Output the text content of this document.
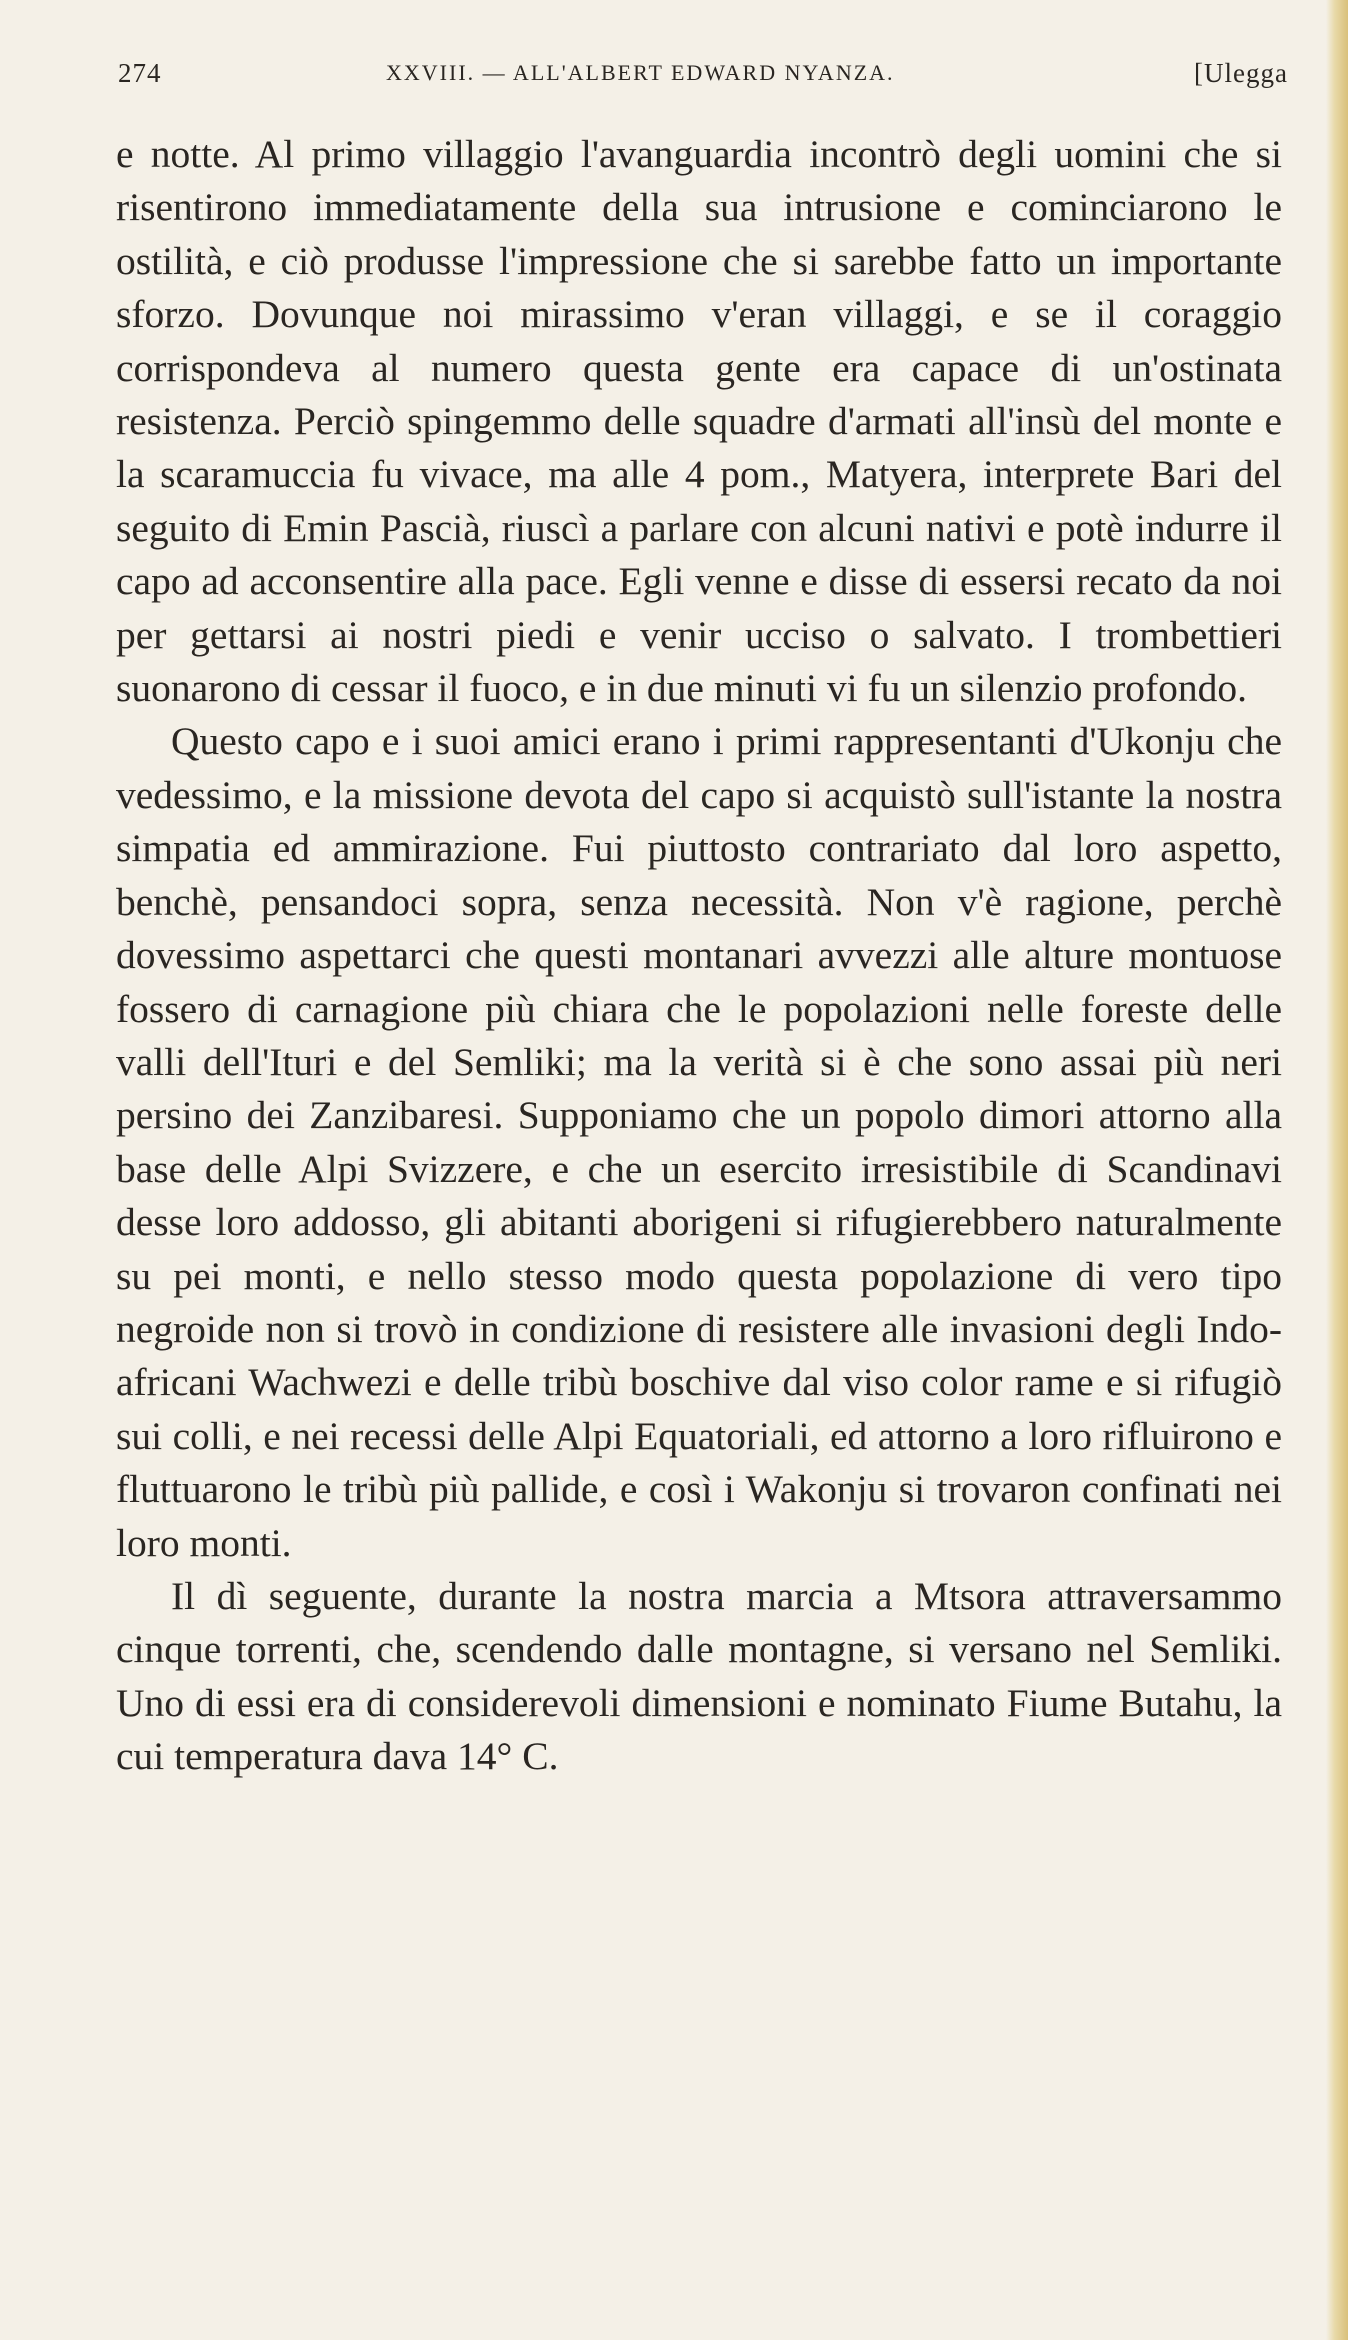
274	XXVIII. — ALL'ALBERT EDWARD NYANZA.	[Ulegga

e notte. Al primo villaggio l'avanguardia incontrò degli uomini che si risentirono immediatamente della sua intrusione e cominciarono le ostilità, e ciò produsse l'impressione che si sarebbe fatto un importante sforzo. Dovunque noi mirassimo v'eran villaggi, e se il coraggio corrispondeva al numero questa gente era capace di un'ostinata resistenza. Perciò spingemmo delle squadre d'armati all'insù del monte e la scaramuccia fu vivace, ma alle 4 pom., Matyera, interprete Bari del seguito di Emin Pascià, riuscì a parlare con alcuni nativi e potè indurre il capo ad acconsentire alla pace. Egli venne e disse di essersi recato da noi per gettarsi ai nostri piedi e venir ucciso o salvato. I trombettieri suonarono di cessar il fuoco, e in due minuti vi fu un silenzio profondo.

Questo capo e i suoi amici erano i primi rappresentanti d'Ukonju che vedessimo, e la missione devota del capo si acquistò sull'istante la nostra simpatia ed ammirazione. Fui piuttosto contrariato dal loro aspetto, benchè, pensandoci sopra, senza necessità. Non v'è ragione, perchè dovessimo aspettarci che questi montanari avvezzi alle alture montuose fossero di carnagione più chiara che le popolazioni nelle foreste delle valli dell'Ituri e del Semliki; ma la verità si è che sono assai più neri persino dei Zanzibaresi. Supponiamo che un popolo dimori attorno alla base delle Alpi Svizzere, e che un esercito irresistibile di Scandinavi desse loro addosso, gli abitanti aborigeni si rifugierebbero naturalmente su pei monti, e nello stesso modo questa popolazione di vero tipo negroide non si trovò in condizione di resistere alle invasioni degli Indo-africani Wachwezi e delle tribù boschive dal viso color rame e si rifugiò sui colli, e nei recessi delle Alpi Equatoriali, ed attorno a loro rifluirono e fluttuarono le tribù più pallide, e così i Wakonju si trovaron confinati nei loro monti.

Il dì seguente, durante la nostra marcia a Mtsora attraversammo cinque torrenti, che, scendendo dalle montagne, si versano nel Semliki. Uno di essi era di considerevoli dimensioni e nominato Fiume Butahu, la cui temperatura dava 14° C.
